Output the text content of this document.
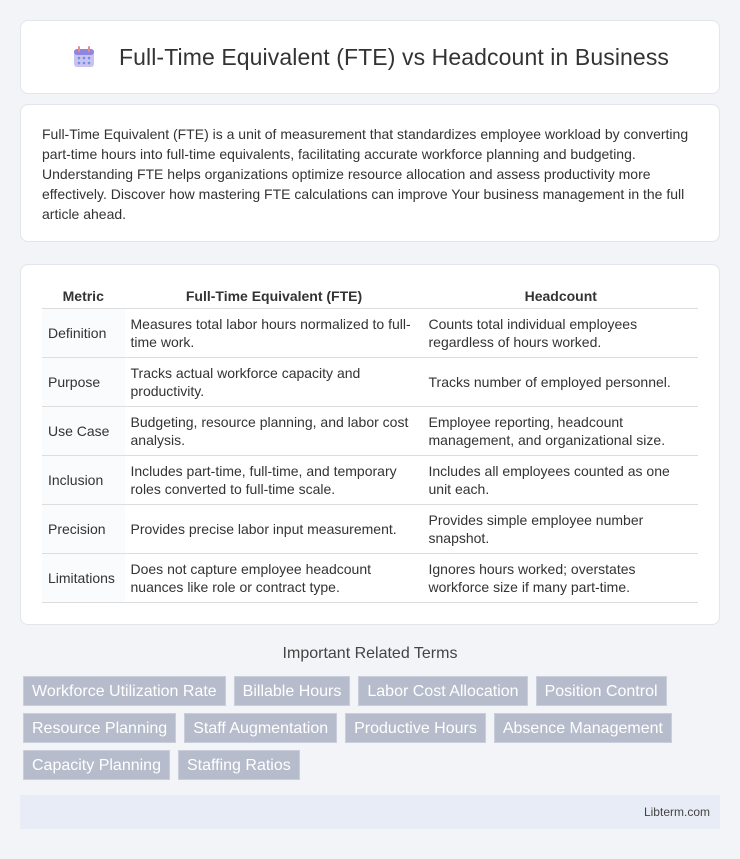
Full-Time Equivalent (FTE) vs Headcount in Business

Full-Time Equivalent (FTE) is a unit of measurement that standardizes employee workload by converting part-time hours into full-time equivalents, facilitating accurate workforce planning and budgeting. Understanding FTE helps organizations optimize resource allocation and assess productivity more effectively. Discover how mastering FTE calculations can improve Your business management in the full article ahead.

Metric	Full-Time Equivalent (FTE)	Headcount
Definition	Measures total labor hours normalized to full-time work.	Counts total individual employees regardless of hours worked.
Purpose	Tracks actual workforce capacity and productivity.	Tracks number of employed personnel.
Use Case	Budgeting, resource planning, and labor cost analysis.	Employee reporting, headcount management, and organizational size.
Inclusion	Includes part-time, full-time, and temporary roles converted to full-time scale.	Includes all employees counted as one unit each.
Precision	Provides precise labor input measurement.	Provides simple employee number snapshot.
Limitations	Does not capture employee headcount nuances like role or contract type.	Ignores hours worked; overstates workforce size if many part-time.
Important Related Terms
Workforce Utilization Rate	Billable Hours	Labor Cost Allocation	Position Control
Resource Planning	Staff Augmentation	Productive Hours	Absence Management
Capacity Planning	Staffing Ratios
Libterm.com
